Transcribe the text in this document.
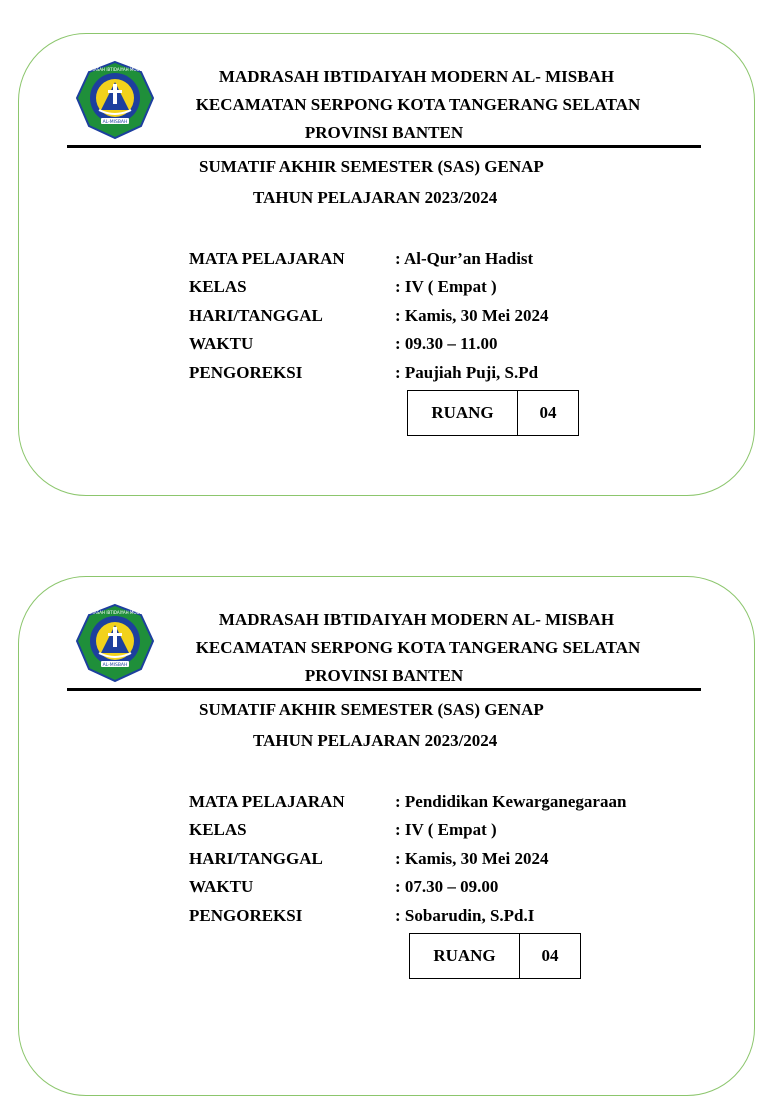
AL-MISBAH
MADRASAH IBTIDAIYAH MODERN	MADRASAH IBTIDAIYAH MODERN AL- MISBAH
KECAMATAN SERPONG KOTA TANGERANG SELATAN
PROVINSI BANTEN
SUMATIF AKHIR SEMESTER (SAS) GENAP
TAHUN PELAJARAN 2023/2024
MATA PELAJARAN	: Al-Qur’an Hadist
KELAS	: IV ( Empat )
HARI/TANGGAL	: Kamis, 30 Mei 2024
WAKTU	: 09.30 – 11.00
PENGOREKSI	: Paujiah Puji, S.Pd
RUANG	04
AL-MISBAH
MADRASAH IBTIDAIYAH MODERN	MADRASAH IBTIDAIYAH MODERN AL- MISBAH
KECAMATAN SERPONG KOTA TANGERANG SELATAN
PROVINSI BANTEN
SUMATIF AKHIR SEMESTER (SAS) GENAP
TAHUN PELAJARAN 2023/2024
MATA PELAJARAN	: Pendidikan Kewarganegaraan
KELAS	: IV ( Empat )
HARI/TANGGAL	: Kamis, 30 Mei 2024
WAKTU	: 07.30 – 09.00
PENGOREKSI	: Sobarudin, S.Pd.I
RUANG	04
